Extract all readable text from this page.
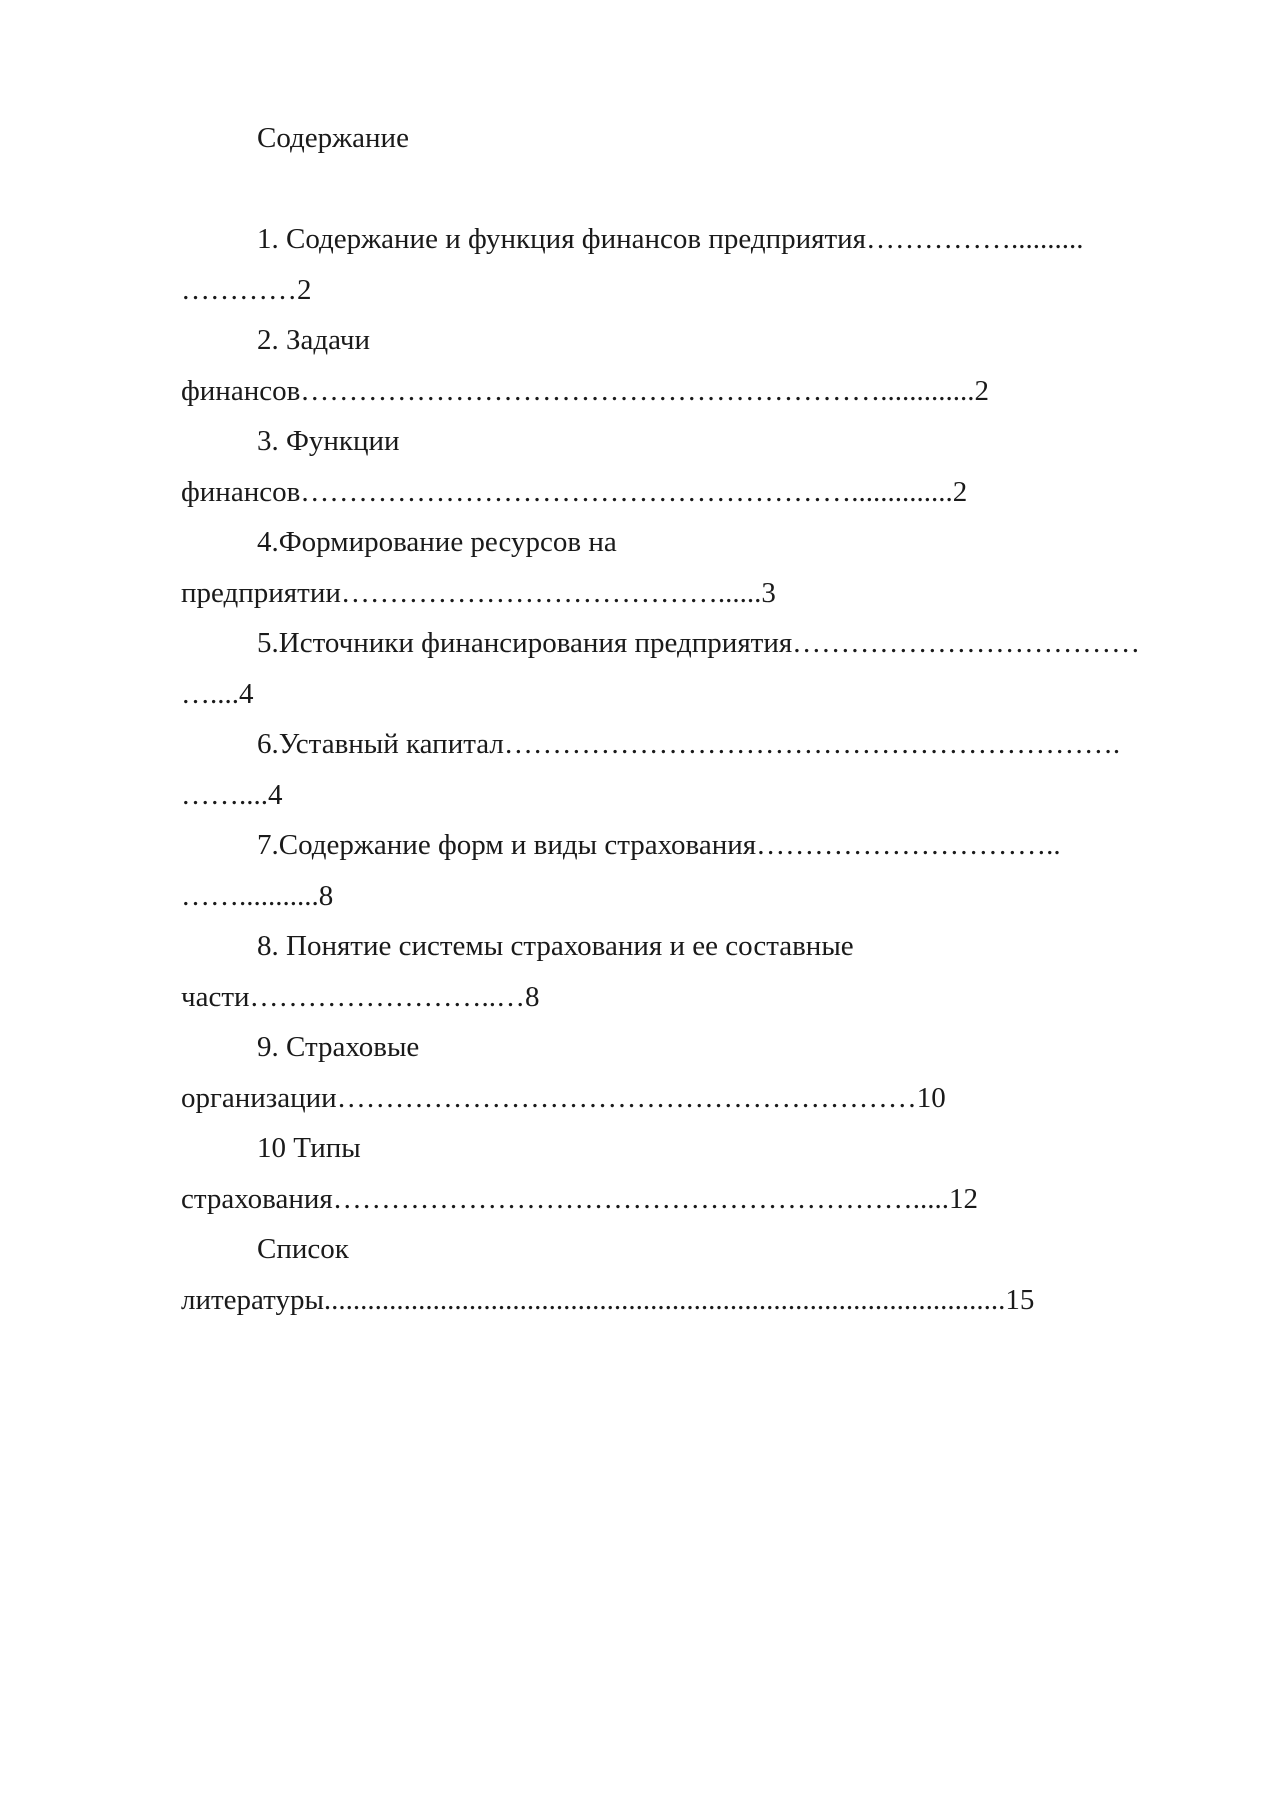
Содержание
1. Содержание и функция финансов предприятия……………..........
…………2
2. Задачи
финансов…………………………………………………….............2
3. Функции
финансов…………………………………………………..............2
4.Формирование ресурсов на
предприятии…………………………………......3
5.Источники финансирования предприятия………………………………
…....4
6.Уставный капитал……………………………………………………….
……....4
7.Содержание форм и виды страхования…………………………..
……...........8
8. Понятие системы страхования и ее составные
части……………………..…8
9. Страховые
организации……………………………………………………10
10 Типы
страхования…………………………………………………….....12
Список
литературы..............................................................................................15
